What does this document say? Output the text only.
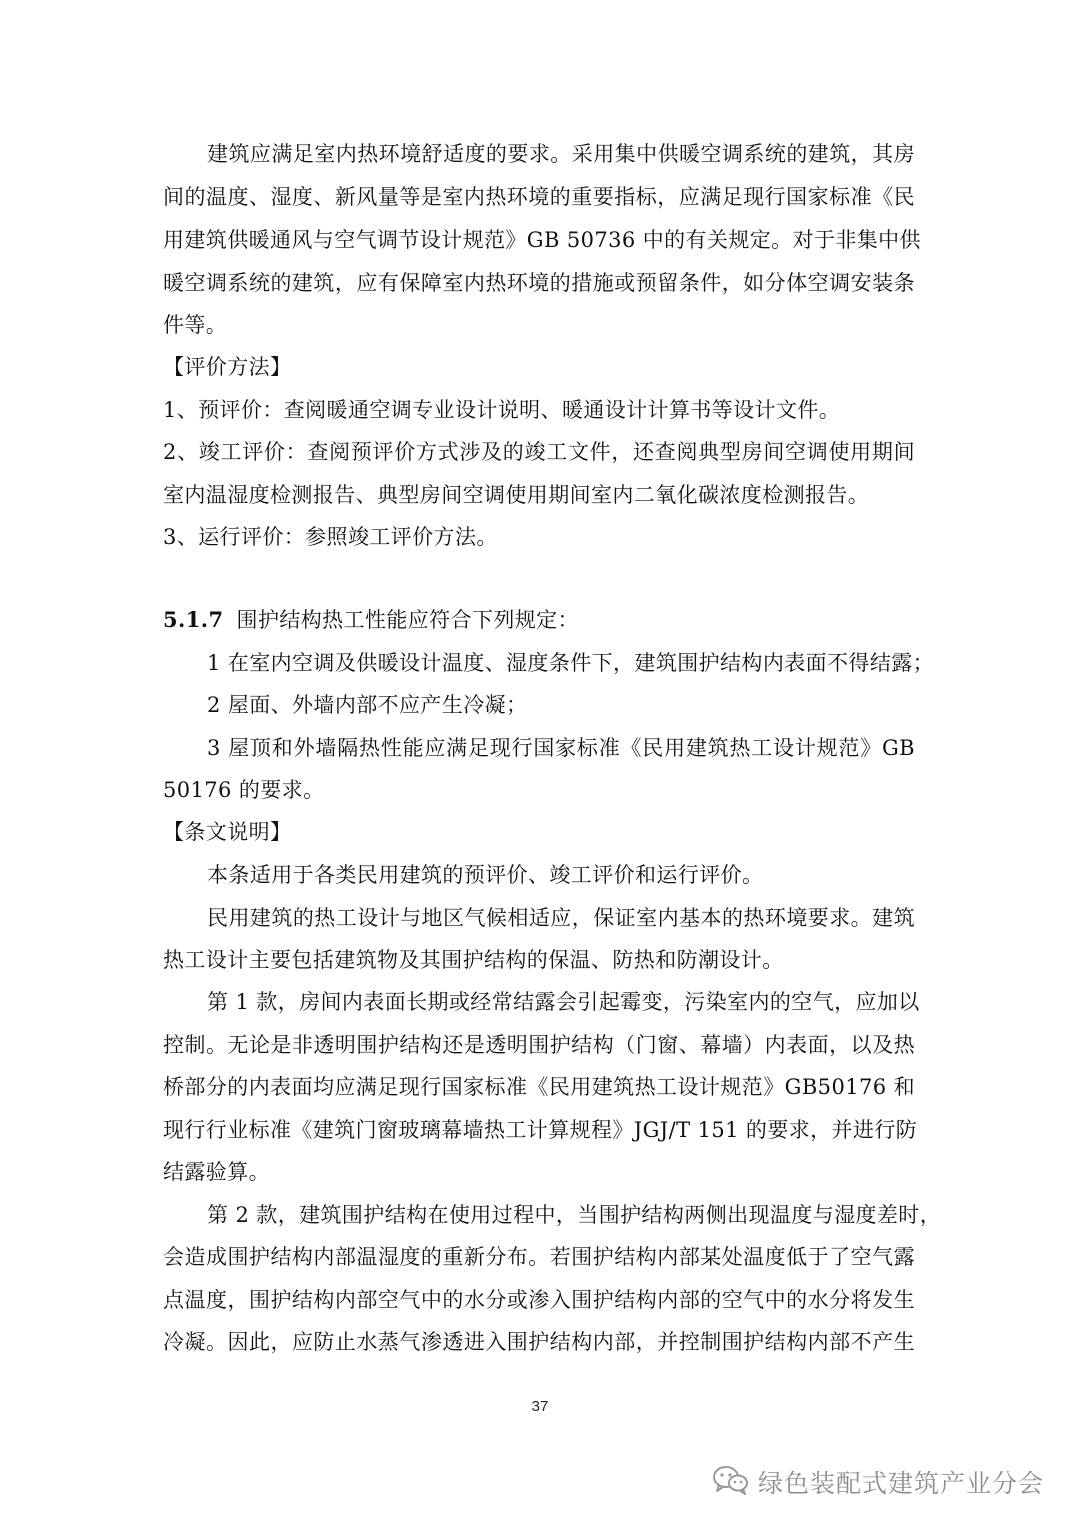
建筑应满足室内热环境舒适度的要求。采用集中供暖空调系统的建筑，其房
间的温度、湿度、新风量等是室内热环境的重要指标，应满足现行国家标准《民
用建筑供暖通风与空气调节设计规范》GB 50736 中的有关规定。对于非集中供
暖空调系统的建筑，应有保障室内热环境的措施或预留条件，如分体空调安装条
件等。
【评价方法】
1、预评价：查阅暖通空调专业设计说明、暖通设计计算书等设计文件。
2、竣工评价：查阅预评价方式涉及的竣工文件，还查阅典型房间空调使用期间
室内温湿度检测报告、典型房间空调使用期间室内二氧化碳浓度检测报告。
3、运行评价：参照竣工评价方法。
5.1.7 围护结构热工性能应符合下列规定：
1 在室内空调及供暖设计温度、湿度条件下，建筑围护结构内表面不得结露；
2 屋面、外墙内部不应产生冷凝；
3 屋顶和外墙隔热性能应满足现行国家标准《民用建筑热工设计规范》GB
50176 的要求。
【条文说明】
本条适用于各类民用建筑的预评价、竣工评价和运行评价。
民用建筑的热工设计与地区气候相适应，保证室内基本的热环境要求。建筑
热工设计主要包括建筑物及其围护结构的保温、防热和防潮设计。
第 1 款，房间内表面长期或经常结露会引起霉变，污染室内的空气，应加以
控制。无论是非透明围护结构还是透明围护结构（门窗、幕墙）内表面，以及热
桥部分的内表面均应满足现行国家标准《民用建筑热工设计规范》GB50176 和
现行行业标准《建筑门窗玻璃幕墙热工计算规程》JGJ/T 151 的要求，并进行防
结露验算。
第 2 款，建筑围护结构在使用过程中，当围护结构两侧出现温度与湿度差时，
会造成围护结构内部温湿度的重新分布。若围护结构内部某处温度低于了空气露
点温度，围护结构内部空气中的水分或渗入围护结构内部的空气中的水分将发生
冷凝。因此，应防止水蒸气渗透进入围护结构内部，并控制围护结构内部不产生
37
绿色装配式建筑产业分会
